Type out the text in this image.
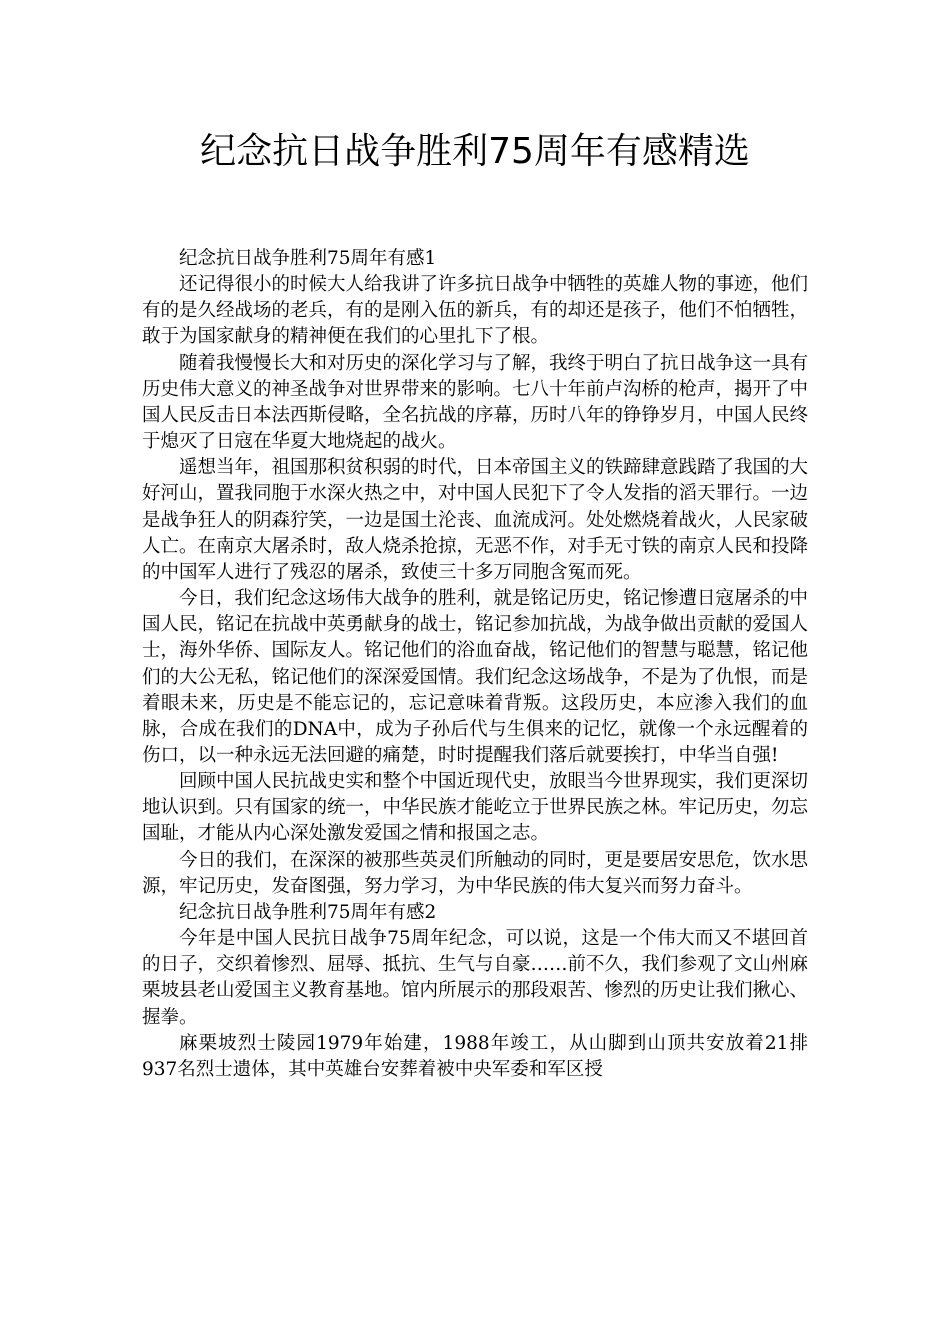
纪念抗日战争胜利75周年有感精选

纪念抗日战争胜利75周年有感1

还记得很小的时候大人给我讲了许多抗日战争中牺牲的英雄人物的事迹，他们有的是久经战场的老兵，有的是刚入伍的新兵，有的却还是孩子，他们不怕牺牲，敢于为国家献身的精神便在我们的心里扎下了根。

随着我慢慢长大和对历史的深化学习与了解，我终于明白了抗日战争这一具有历史伟大意义的神圣战争对世界带来的影响。七八十年前卢沟桥的枪声，揭开了中国人民反击日本法西斯侵略，全名抗战的序幕，历时八年的铮铮岁月，中国人民终于熄灭了日寇在华夏大地烧起的战火。

遥想当年，祖国那积贫积弱的时代，日本帝国主义的铁蹄肆意践踏了我国的大好河山，置我同胞于水深火热之中，对中国人民犯下了令人发指的滔天罪行。一边是战争狂人的阴森狞笑，一边是国土沦丧、血流成河。处处燃烧着战火，人民家破人亡。在南京大屠杀时，敌人烧杀抢掠，无恶不作，对手无寸铁的南京人民和投降的中国军人进行了残忍的屠杀，致使三十多万同胞含冤而死。

今日，我们纪念这场伟大战争的胜利，就是铭记历史，铭记惨遭日寇屠杀的中国人民，铭记在抗战中英勇献身的战士，铭记参加抗战，为战争做出贡献的爱国人士，海外华侨、国际友人。铭记他们的浴血奋战，铭记他们的智慧与聪慧，铭记他们的大公无私，铭记他们的深深爱国情。我们纪念这场战争，不是为了仇恨，而是着眼未来，历史是不能忘记的，忘记意味着背叛。这段历史，本应渗入我们的血脉，合成在我们的DNA中，成为子孙后代与生俱来的记忆，就像一个永远醒着的伤口，以一种永远无法回避的痛楚，时时提醒我们落后就要挨打，中华当自强!

回顾中国人民抗战史实和整个中国近现代史，放眼当今世界现实，我们更深切地认识到。只有国家的统一，中华民族才能屹立于世界民族之林。牢记历史，勿忘国耻，才能从内心深处激发爱国之情和报国之志。

今日的我们，在深深的被那些英灵们所触动的同时，更是要居安思危，饮水思源，牢记历史，发奋图强，努力学习，为中华民族的伟大复兴而努力奋斗。

纪念抗日战争胜利75周年有感2

今年是中国人民抗日战争75周年纪念，可以说，这是一个伟大而又不堪回首的日子，交织着惨烈、屈辱、抵抗、生气与自豪……前不久，我们参观了文山州麻栗坡县老山爱国主义教育基地。馆内所展示的那段艰苦、惨烈的历史让我们揪心、握拳。

麻栗坡烈士陵园1979年始建，1988年竣工，从山脚到山顶共安放着21排937名烈士遗体，其中英雄台安葬着被中央军委和军区授
